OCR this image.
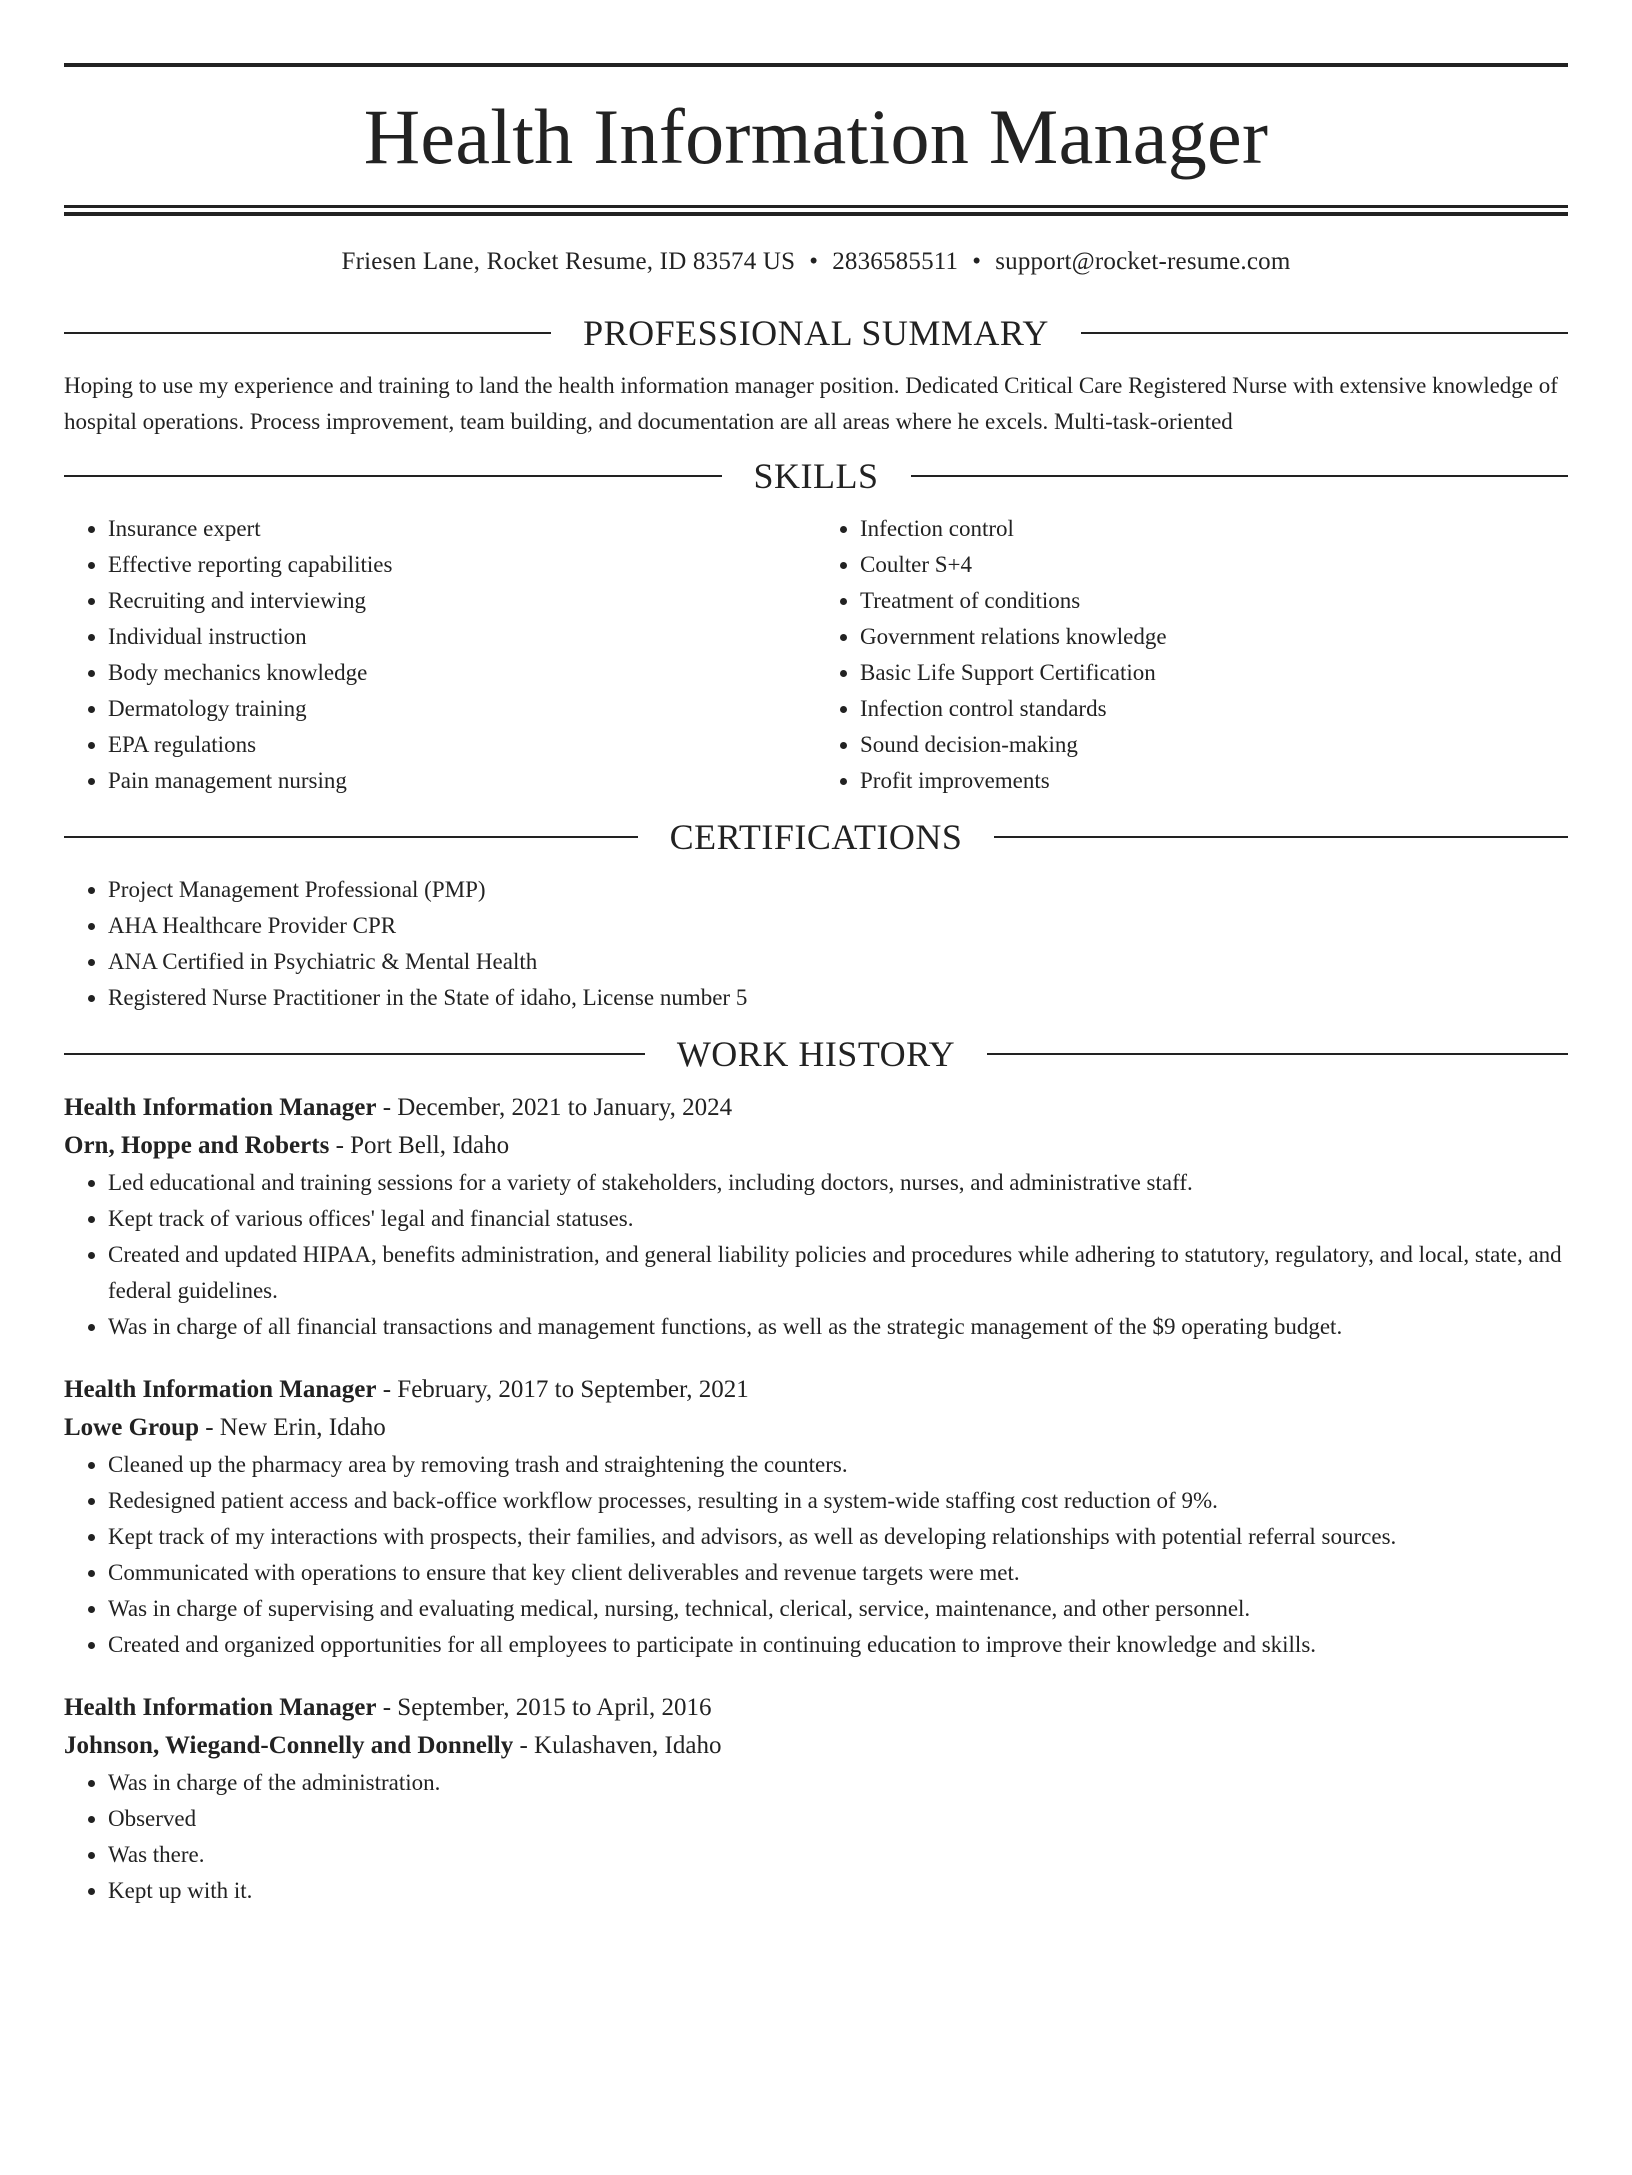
Health Information Manager
Friesen Lane, Rocket Resume, ID 83574 US • 2836585511 • support@rocket-resume.com
PROFESSIONAL SUMMARY

Hoping to use my experience and training to land the health information manager position. Dedicated Critical Care Registered Nurse with extensive knowledge of hospital operations. Process improvement, team building, and documentation are all areas where he excels. Multi-task-oriented

SKILLS
• Insurance expert
• Effective reporting capabilities
• Recruiting and interviewing
• Individual instruction
• Body mechanics knowledge
• Dermatology training
• EPA regulations
• Pain management nursing
• Infection control
• Coulter S+4
• Treatment of conditions
• Government relations knowledge
• Basic Life Support Certification
• Infection control standards
• Sound decision-making
• Profit improvements
CERTIFICATIONS
• Project Management Professional (PMP)
• AHA Healthcare Provider CPR
• ANA Certified in Psychiatric & Mental Health
• Registered Nurse Practitioner in the State of idaho, License number 5
WORK HISTORY
Health Information Manager - December, 2021 to January, 2024
Orn, Hoppe and Roberts - Port Bell, Idaho
• Led educational and training sessions for a variety of stakeholders, including doctors, nurses, and administrative staff.
• Kept track of various offices' legal and financial statuses.
• Created and updated HIPAA, benefits administration, and general liability policies and procedures while adhering to statutory, regulatory, and local, state, and federal guidelines.
• Was in charge of all financial transactions and management functions, as well as the strategic management of the $9 operating budget.
Health Information Manager - February, 2017 to September, 2021
Lowe Group - New Erin, Idaho
• Cleaned up the pharmacy area by removing trash and straightening the counters.
• Redesigned patient access and back-office workflow processes, resulting in a system-wide staffing cost reduction of 9%.
• Kept track of my interactions with prospects, their families, and advisors, as well as developing relationships with potential referral sources.
• Communicated with operations to ensure that key client deliverables and revenue targets were met.
• Was in charge of supervising and evaluating medical, nursing, technical, clerical, service, maintenance, and other personnel.
• Created and organized opportunities for all employees to participate in continuing education to improve their knowledge and skills.
Health Information Manager - September, 2015 to April, 2016
Johnson, Wiegand-Connelly and Donnelly - Kulashaven, Idaho
• Was in charge of the administration.
• Observed
• Was there.
• Kept up with it.
